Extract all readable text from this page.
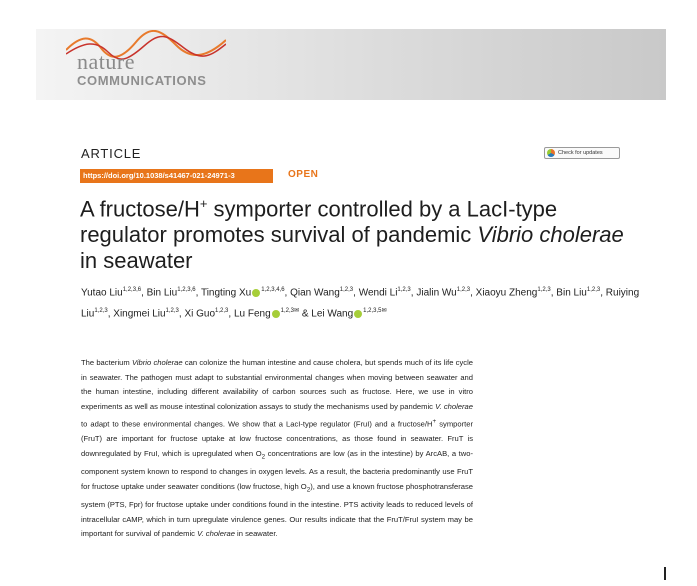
nature
COMMUNICATIONS
ARTICLE	Check for updates
https://doi.org/10.1038/s41467-021-24971-3	OPEN
A fructose/H+ symporter controlled by a LacI-type regulator promotes survival of pandemic Vibrio cholerae in seawater
Yutao Liu$^{1,2,3,6}$, Bin Liu$^{1,2,3,6}$, Tingting Xu $^{1,2,3,4,6}$, Qian Wang$^{1,2,3}$, Wendi Li$^{1,2,3}$, Jialin Wu$^{1,2,3}$, Xiaoyu Zheng$^{1,2,3}$, Bin Liu$^{1,2,3}$, Ruiying Liu$^{1,2,3}$, Xingmei Liu$^{1,2,3}$, Xi Guo$^{1,2,3}$, Lu Feng $^{1,2,3✉}$ & Lei Wang $^{1,2,3,5✉}$

The bacterium Vibrio cholerae can colonize the human intestine and cause cholera, but spends much of its life cycle in seawater. The pathogen must adapt to substantial environmental changes when moving between seawater and the human intestine, including different availability of carbon sources such as fructose. Here, we use in vitro experiments as well as mouse intestinal colonization assays to study the mechanisms used by pandemic V. cholerae to adapt to these environmental changes. We show that a LacI-type regulator (FruI) and a fructose/H+ symporter (FruT) are important for fructose uptake at low fructose concentrations, as those found in seawater. FruT is downregulated by FruI, which is upregulated when $O_2$ concentrations are low (as in the intestine) by ArcAB, a two-component system known to respond to changes in oxygen levels. As a result, the bacteria predominantly use FruT for fructose uptake under seawater conditions (low fructose, high $O_2$), and use a known fructose phosphotransferase system (PTS, Fpr) for fructose uptake under conditions found in the intestine. PTS activity leads to reduced levels of intracellular cAMP, which in turn upregulate virulence genes. Our results indicate that the FruT/FruI system may be important for survival of pandemic V. cholerae in seawater.
